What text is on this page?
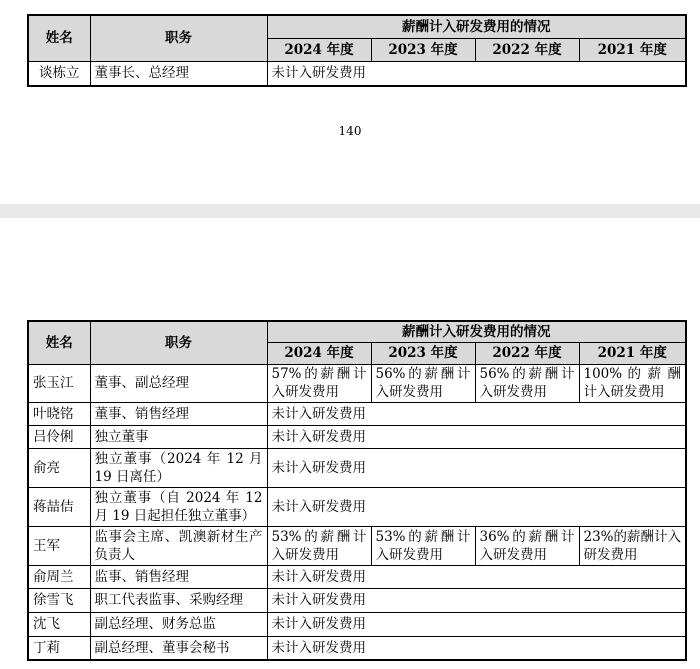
姓名	职务	薪酬计入研发费用的情况			
		2024 年度	2023 年度	2022 年度	2021 年度
谈栋立	董事长、总经理	未计入研发费用			
140
姓名	职务	薪酬计入研发费用的情况			
		2024 年度	2023 年度	2022 年度	2021 年度
张玉江	董事、副总经理	57%的薪酬计入研发费用	56%的薪酬计入研发费用	56%的薪酬计入研发费用	100% 的 薪 酬计入研发费用
叶晓铭	董事、销售经理	未计入研发费用			
吕伶俐	独立董事	未计入研发费用			
俞亮	独立董事（2024 年 12 月 19 日离任）	未计入研发费用			
蒋喆佶	独立董事（自 2024 年 12 月 19 日起担任独立董事）	未计入研发费用			
王军	监事会主席、凯澳新材生产负责人	53%的薪酬计入研发费用	53%的薪酬计入研发费用	36%的薪酬计入研发费用	23%的薪酬计入研发费用
俞周兰	监事、销售经理	未计入研发费用			
徐雪飞	职工代表监事、采购经理	未计入研发费用			
沈飞	副总经理、财务总监	未计入研发费用			
丁莉	副总经理、董事会秘书	未计入研发费用			
